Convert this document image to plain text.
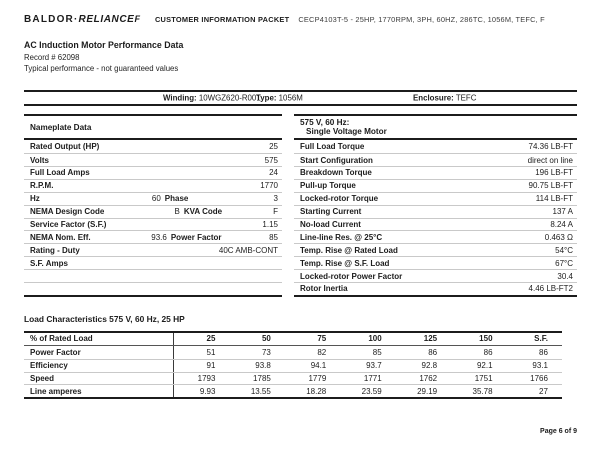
BALDOR·RELIANCEF CUSTOMER INFORMATION PACKET CECP4103T-5 - 25HP, 1770RPM, 3PH, 60HZ, 286TC, 1056M, TEFC, F
AC Induction Motor Performance Data
Record # 62098
Typical performance - not guaranteed values
Winding: 10WGZ620-R001
Type: 1056M	Enclosure: TEFC
Nameplate Data
Rated Output (HP)	25
Volts	575
Full Load Amps	24
R.P.M.	1770
Hz	60 Phase	3
NEMA Design Code	B KVA Code	F
Service Factor (S.F.)	1.15
NEMA Nom. Eff.	93.6 Power Factor	85
Rating - Duty	40C AMB-CONT
S.F. Amps
575 V, 60 Hz:
Single Voltage Motor
Full Load Torque	74.36 LB-FT
Start Configuration	direct on line
Breakdown Torque	196 LB-FT
Pull-up Torque	90.75 LB-FT
Locked-rotor Torque	114 LB-FT
Starting Current	137 A
No-load Current	8.24 A
Line-line Res. @ 25°C	0.463 Ω
Temp. Rise @ Rated Load	54°C
Temp. Rise @ S.F. Load	67°C
Locked-rotor Power Factor	30.4
Rotor Inertia	4.46 LB-FT2
Load Characteristics 575 V, 60 Hz, 25 HP
% of Rated Load	25	50	75	100	125	150	S.F.
Power Factor	51	73	82	85	86	86	86
Efficiency	91	93.8	94.1	93.7	92.8	92.1	93.1
Speed	1793	1785	1779	1771	1762	1751	1766
Line amperes	9.93	13.55	18.28	23.59	29.19	35.78	27
Page 6 of 9
